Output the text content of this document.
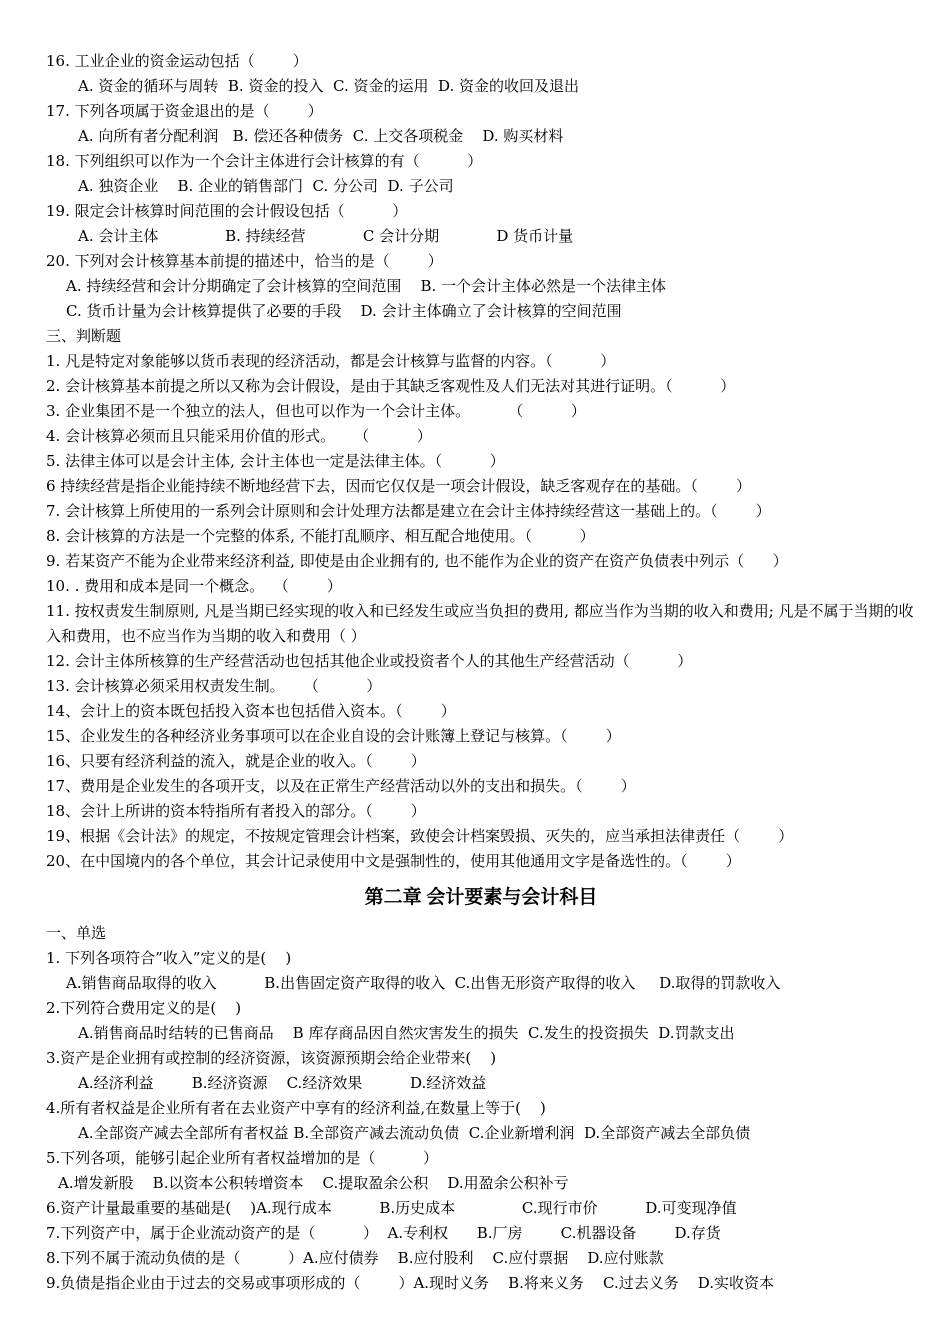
16. 工业企业的资金运动包括（        ）
A. 资金的循环与周转  B. 资金的投入  C. 资金的运用  D. 资金的收回及退出
17. 下列各项属于资金退出的是（        ）
A. 向所有者分配利润   B. 偿还各种债务  C. 上交各项税金    D. 购买材料
18. 下列组织可以作为一个会计主体进行会计核算的有（          ）
A. 独资企业    B. 企业的销售部门  C. 分公司  D. 子公司
19. 限定会计核算时间范围的会计假设包括（          ）
A. 会计主体              B. 持续经营            C 会计分期            D 货币计量
20. 下列对会计核算基本前提的描述中，恰当的是（        ）
A. 持续经营和会计分期确定了会计核算的空间范围    B. 一个会计主体必然是一个法律主体
C. 货币计量为会计核算提供了必要的手段    D. 会计主体确立了会计核算的空间范围
三、判断题
1. 凡是特定对象能够以货币表现的经济活动，都是会计核算与监督的内容。（          ）
2. 会计核算基本前提之所以又称为会计假设，是由于其缺乏客观性及人们无法对其进行证明。（          ）
3. 企业集团不是一个独立的法人，但也可以作为一个会计主体。        （          ）
4. 会计核算必须而且只能采用价值的形式。    （          ）
5. 法律主体可以是会计主体, 会计主体也一定是法律主体。（          ）
6 持续经营是指企业能持续不断地经营下去，因而它仅仅是一项会计假设，缺乏客观存在的基础。（        ）
7. 会计核算上所使用的一系列会计原则和会计处理方法都是建立在会计主体持续经营这一基础上的。（        ）
8. 会计核算的方法是一个完整的体系, 不能打乱顺序、相互配合地使用。（          ）
9. 若某资产不能为企业带来经济利益, 即使是由企业拥有的, 也不能作为企业的资产在资产负债表中列示（      ）
10. . 费用和成本是同一个概念。  （        ）
11. 按权责发生制原则, 凡是当期已经实现的收入和已经发生或应当负担的费用, 都应当作为当期的收入和费用; 凡是不属于当期的收入和费用，也不应当作为当期的收入和费用（ ）
12. 会计主体所核算的生产经营活动也包括其他企业或投资者个人的其他生产经营活动（          ）
13. 会计核算必须采用权责发生制。    （          ）
14、会计上的资本既包括投入资本也包括借入资本。（        ）
15、企业发生的各种经济业务事项可以在企业自设的会计账簿上登记与核算。（        ）
16、只要有经济利益的流入，就是企业的收入。（        ）
17、费用是企业发生的各项开支，以及在正常生产经营活动以外的支出和损失。（        ）
18、会计上所讲的资本特指所有者投入的部分。（        ）
19、根据《会计法》的规定，不按规定管理会计档案，致使会计档案毁损、灭失的，应当承担法律责任（        ）
20、在中国境内的各个单位，其会计记录使用中文是强制性的，使用其他通用文字是备选性的。（        ）
第二章 会计要素与会计科目
一、单选
1. 下列各项符合”收入”定义的是(    )
A.销售商品取得的收入          B.出售固定资产取得的收入  C.出售无形资产取得的收入     D.取得的罚款收入
2.下列符合费用定义的是(    )
A.销售商品时结转的已售商品    B 库存商品因自然灾害发生的损失  C.发生的投资损失  D.罚款支出
3.资产是企业拥有或控制的经济资源，该资源预期会给企业带来(    )
A.经济利益        B.经济资源    C.经济效果          D.经济效益
4.所有者权益是企业所有者在去业资产中享有的经济利益,在数量上等于(    )
A.全部资产减去全部所有者权益 B.全部资产减去流动负债  C.企业新增利润  D.全部资产减去全部负债
5.下列各项，能够引起企业所有者权益增加的是（          ）
A.增发新股    B.以资本公积转增资本    C.提取盈余公积    D.用盈余公积补亏
6.资产计量最重要的基础是(    )A.现行成本          B.历史成本              C.现行市价          D.可变现净值
7.下列资产中，属于企业流动资产的是（          ）  A.专利权      B.厂房        C.机器设备        D.存货
8.下列不属于流动负债的是（          ）A.应付债券    B.应付股利    C.应付票据    D.应付账款
9.负债是指企业由于过去的交易或事项形成的（        ）A.现时义务    B.将来义务    C.过去义务    D.实收资本
